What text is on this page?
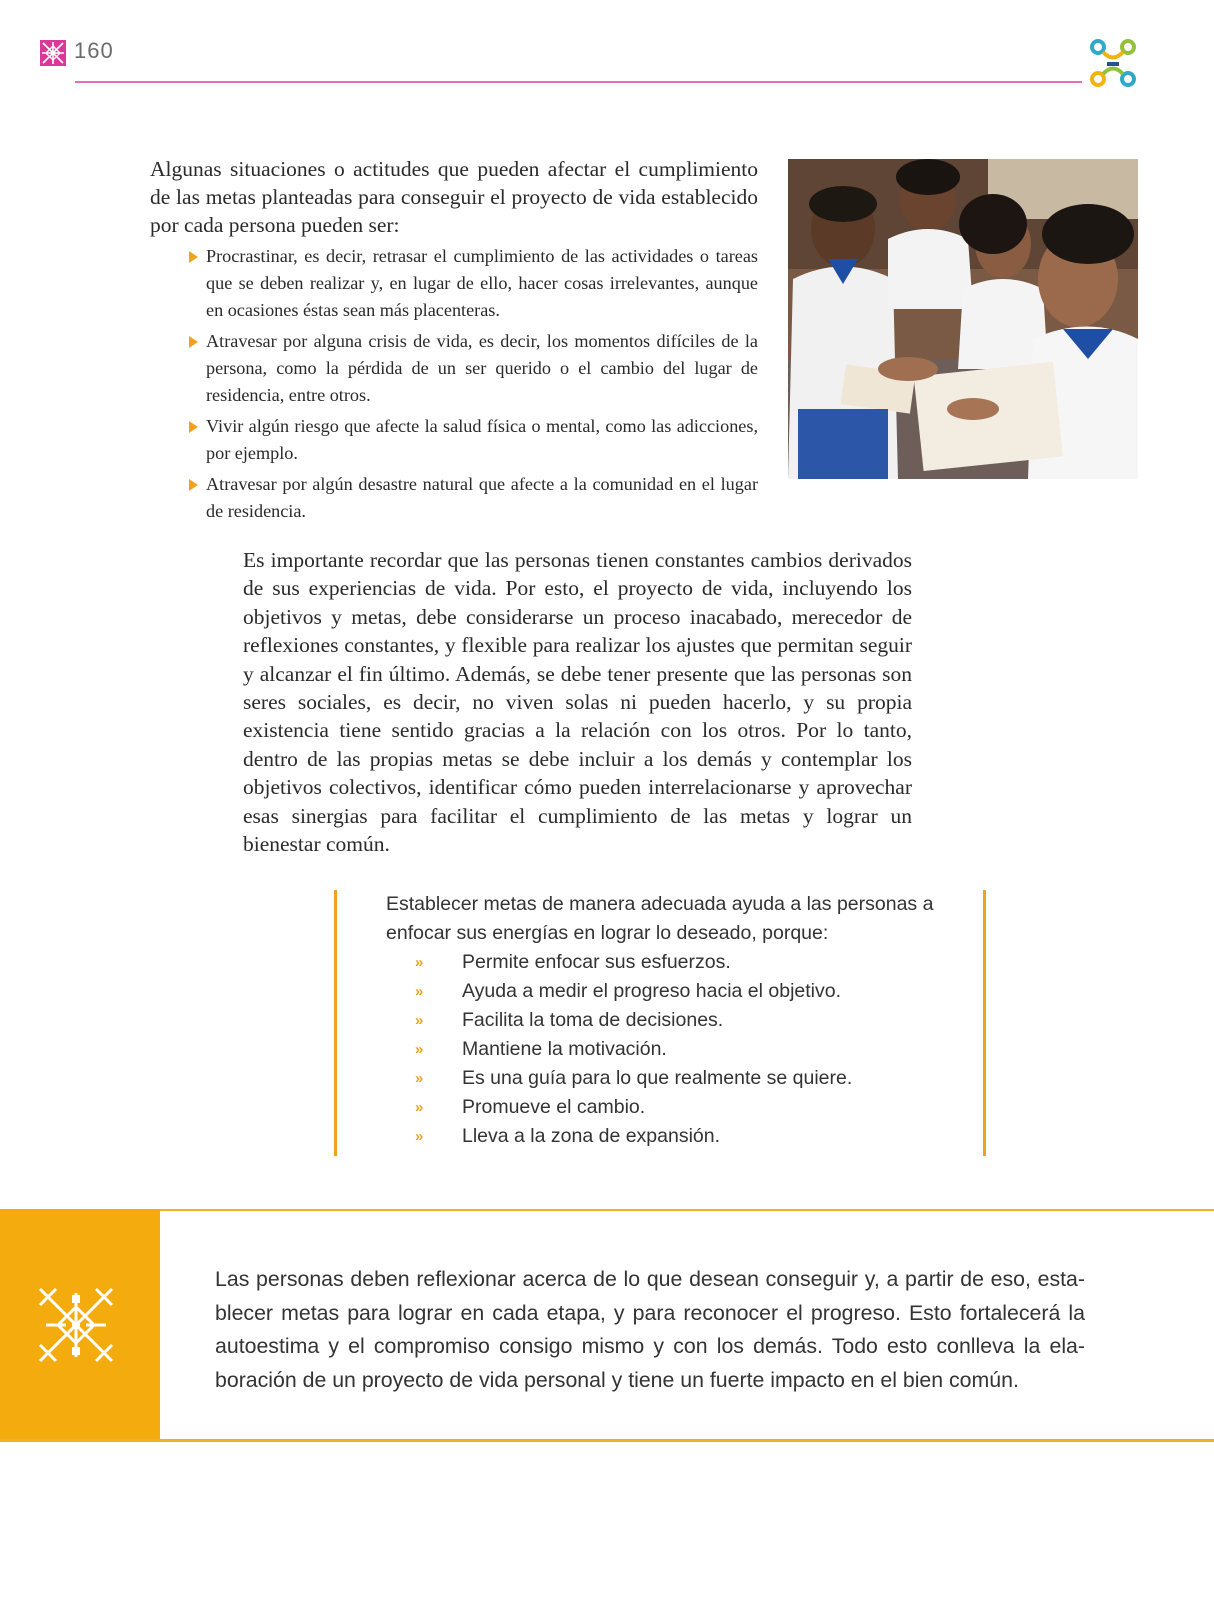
160

Algunas situaciones o actitudes que pueden afectar el cumplimiento de las metas planteadas para conseguir el proyecto de vida establecido por cada persona pueden ser:

Procrastinar, es decir, retrasar el cumplimiento de las actividades o tareas que se deben realizar y, en lugar de ello, hacer cosas irrelevantes, aunque en ocasiones éstas sean más placenteras.
Atravesar por alguna crisis de vida, es decir, los momentos difíciles de la persona, como la pérdida de un ser querido o el cambio del lugar de residencia, entre otros.
Vivir algún riesgo que afecte la salud física o mental, como las adicciones, por ejemplo.
Atravesar por algún desastre natural que afecte a la comunidad en el lugar de residencia.

Es importante recordar que las personas tienen constantes cambios derivados de sus experiencias de vida. Por esto, el proyecto de vida, incluyendo los objetivos y metas, debe considerarse un proceso inacabado, merecedor de reflexiones constantes, y flexible para realizar los ajustes que permitan seguir y alcanzar el fin último. Además, se debe tener presente que las personas son seres sociales, es decir, no viven solas ni pueden hacerlo, y su propia existencia tiene sentido gracias a la relación con los otros. Por lo tanto, dentro de las propias metas se debe incluir a los demás y contemplar los objetivos colectivos, identificar cómo pueden interrelacionarse y aprovechar esas sinergias para facilitar el cumplimiento de las metas y lograr un bienestar común.

Establecer metas de manera adecuada ayuda a las personas a enfocar sus energías en lograr lo deseado, porque:

» Permite enfocar sus esfuerzos.
» Ayuda a medir el progreso hacia el objetivo.
» Facilita la toma de decisiones.
» Mantiene la motivación.
» Es una guía para lo que realmente se quiere.
» Promueve el cambio.
» Lleva a la zona de expansión.

Las personas deben reflexionar acerca de lo que desean conseguir y, a partir de eso, establecer metas para lograr en cada etapa, y para reconocer el progreso. Esto fortalecerá la autoestima y el compromiso consigo mismo y con los demás. Todo esto conlleva la elaboración de un proyecto de vida personal y tiene un fuerte impacto en el bien común.
